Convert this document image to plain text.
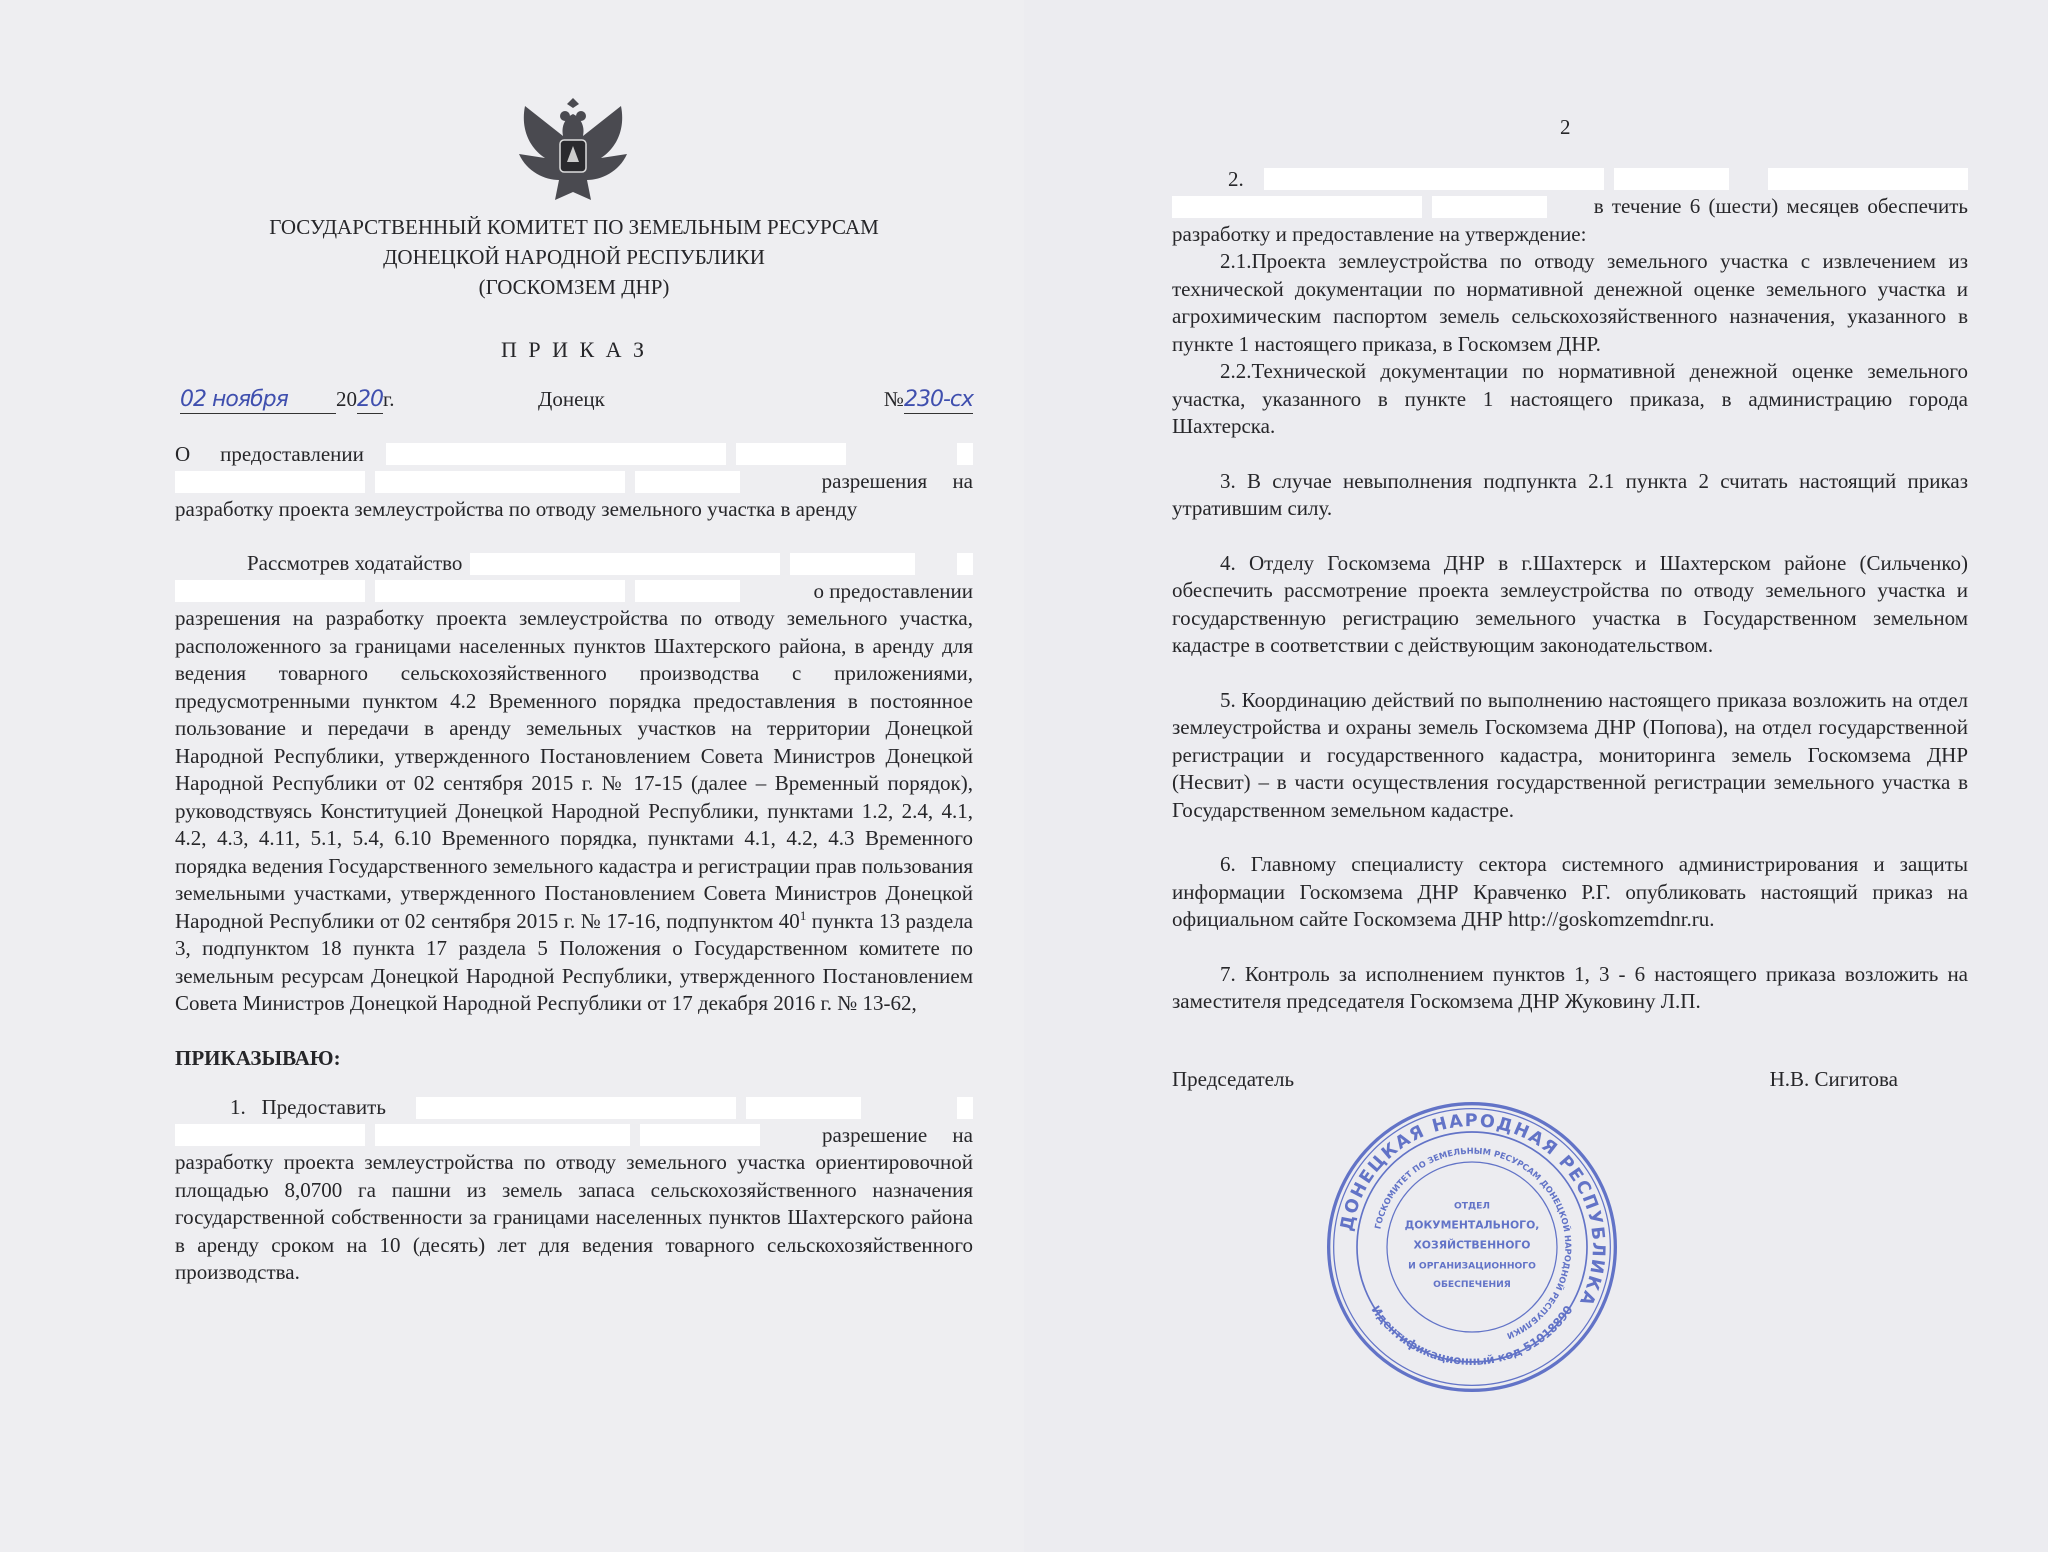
ГОСУДАРСТВЕННЫЙ КОМИТЕТ ПО ЗЕМЕЛЬНЫМ РЕСУРСАМ
ДОНЕЦКОЙ НАРОДНОЙ РЕСПУБЛИКИ
(ГОСКОМЗЕМ ДНР)
П Р И К А З
02 ноября 2020г.	Донецк	№230-сх
О предоставлении
разрешения на
разработку проекта землеустройства по отводу земельного участка в аренду
Рассмотрев ходатайство
о предоставлении
разрешения на разработку проекта землеустройства по отводу земельного участка, расположенного за границами населенных пунктов Шахтерского района, в аренду для ведения товарного сельскохозяйственного производства с приложениями, предусмотренными пунктом 4.2 Временного порядка предоставления в постоянное пользование и передачи в аренду земельных участков на территории Донецкой Народной Республики, утвержденного Постановлением Совета Министров Донецкой Народной Республики от 02 сентября 2015 г. № 17-15 (далее – Временный порядок), руководствуясь Конституцией Донецкой Народной Республики, пунктами 1.2, 2.4, 4.1, 4.2, 4.3, 4.11, 5.1, 5.4, 6.10 Временного порядка, пунктами 4.1, 4.2, 4.3 Временного порядка ведения Государственного земельного кадастра и регистрации прав пользования земельными участками, утвержденного Постановлением Совета Министров Донецкой Народной Республики от 02 сентября 2015 г. № 17-16, подпунктом $40^1$ пункта 13 раздела 3, подпунктом 18 пункта 17 раздела 5 Положения о Государственном комитете по земельным ресурсам Донецкой Народной Республики, утвержденного Постановлением Совета Министров Донецкой Народной Республики от 17 декабря 2016 г. № 13-62,
ПРИКАЗЫВАЮ:
1.   Предоставить
разрешение на
разработку проекта землеустройства по отводу земельного участка ориентировочной площадью 8,0700 га пашни из земель запаса сельскохозяйственного назначения государственной собственности за границами населенных пунктов Шахтерского района в аренду сроком на 10 (десять) лет для ведения товарного сельскохозяйственного производства.
2
2.
в течение 6 (шести) месяцев обеспечить
разработку и предоставление на утверждение:
2.1.Проекта землеустройства по отводу земельного участка с извлечением из технической документации по нормативной денежной оценке земельного участка и агрохимическим паспортом земель сельскохозяйственного назначения, указанного в пункте 1 настоящего приказа, в Госкомзем ДНР.
2.2.Технической документации по нормативной денежной оценке земельного участка, указанного в пункте 1 настоящего приказа, в администрацию города Шахтерска.
3. В случае невыполнения подпункта 2.1 пункта 2 считать настоящий приказ утратившим силу.
4. Отделу Госкомзема ДНР в г.Шахтерск и Шахтерском районе (Сильченко) обеспечить рассмотрение проекта землеустройства по отводу земельного участка и государственную регистрацию земельного участка в Государственном земельном кадастре в соответствии с действующим законодательством.
5. Координацию действий по выполнению настоящего приказа возложить на отдел землеустройства и охраны земель Госкомзема ДНР (Попова), на отдел государственной регистрации и государственного кадастра, мониторинга земель Госкомзема ДНР (Несвит) – в части осуществления государственной регистрации земельного участка в Государственном земельном кадастре.
6. Главному специалисту сектора системного администрирования и защиты информации Госкомзема ДНР Кравченко Р.Г. опубликовать настоящий приказ на официальном сайте Госкомзема ДНР http://goskomzemdnr.ru.
7. Контроль за исполнением пунктов 1, 3 - 6 настоящего приказа возложить на заместителя председателя Госкомзема ДНР Жуковину Л.П.
Председатель	Н.В. Сигитова
ДОНЕЦКАЯ НАРОДНАЯ РЕСПУБЛИКА
Идентификационный код 51018890
ГОСКОМИТЕТ ПО ЗЕМЕЛЬНЫМ РЕСУРСАМ ДОНЕЦКОЙ НАРОДНОЙ РЕСПУБЛИКИ
ОТДЕЛ
ДОКУМЕНТАЛЬНОГО,
ХОЗЯЙСТВЕННОГО
И ОРГАНИЗАЦИОННОГО
ОБЕСПЕЧЕНИЯ
